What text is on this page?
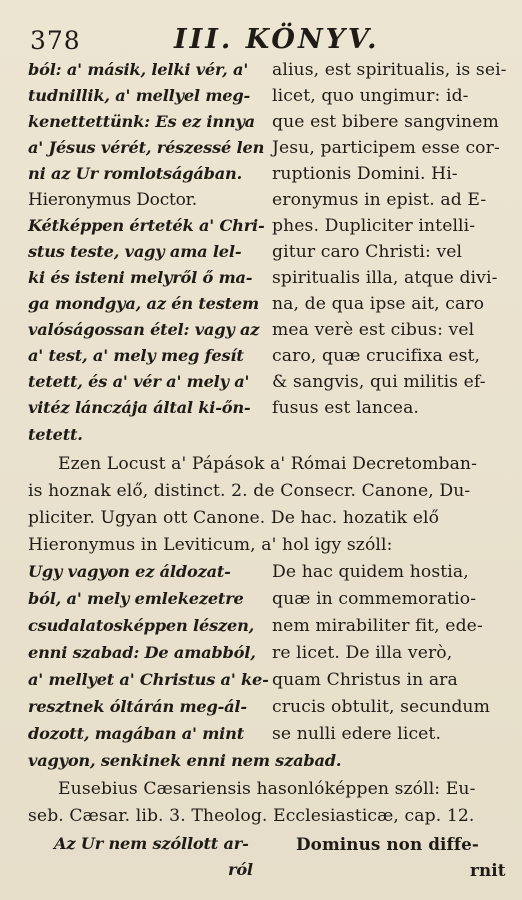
378	III. KÖNYV.
ból: a' másik, lelki vér, a'
tudnillik, a' mellyel meg-
kenettettünk: Es ez innya
a' Jésus vérét, részessé len
ni az Ur romlotságában.
Hieronymus Doctor.
Kétképpen érteték a' Chri-
stus teste, vagy ama lel-
ki és isteni melyről ő ma-
ga mondgya, az én testem
valóságossan étel: vagy az
a' test, a' mely meg fesít
tetett, és a' vér a' mely a'
vitéz lánczája által ki-őn-
tetett.
alius, est spiritualis, is sei-
licet, quo ungimur: id-
que est bibere sangvinem
Jesu, participem esse cor-
ruptionis Domini. Hi-
eronymus in epist. ad E-
phes. Dupliciter intelli-
gitur caro Christi: vel
spiritualis illa, atque divi-
na, de qua ipse ait, caro
mea verè est cibus: vel
caro, quæ crucifixa est,
& sangvis, qui militis ef-
fusus est lancea.
Ezen Locust a' Pápások a' Római Decretomban-
is hoznak elő, distinct. 2. de Consecr. Canone, Du-
pliciter. Ugyan ott Canone. De hac. hozatik elő
Hieronymus in Leviticum, a' hol igy szóll:
Ugy vagyon ez áldozat-
ból, a' mely emlekezetre
csudalatosképpen lészen,
enni szabad: De amabból,
a' mellyet a' Christus a' ke-
resztnek óltárán meg-ál-
dozott, magában a' mint
vagyon, senkinek enni nem szabad.
De hac quidem hostia,
quæ in commemoratio-
nem mirabiliter fit, ede-
re licet. De illa verò,
quam Christus in ara
crucis obtulit, secundum
se nulli edere licet.
Eusebius Cæsariensis hasonlóképpen szóll: Eu-
seb. Cæsar. lib. 3. Theolog. Ecclesiasticæ, cap. 12.
Az Ur nem szóllott ar-
ról
Dominus non diffe-
rnit
